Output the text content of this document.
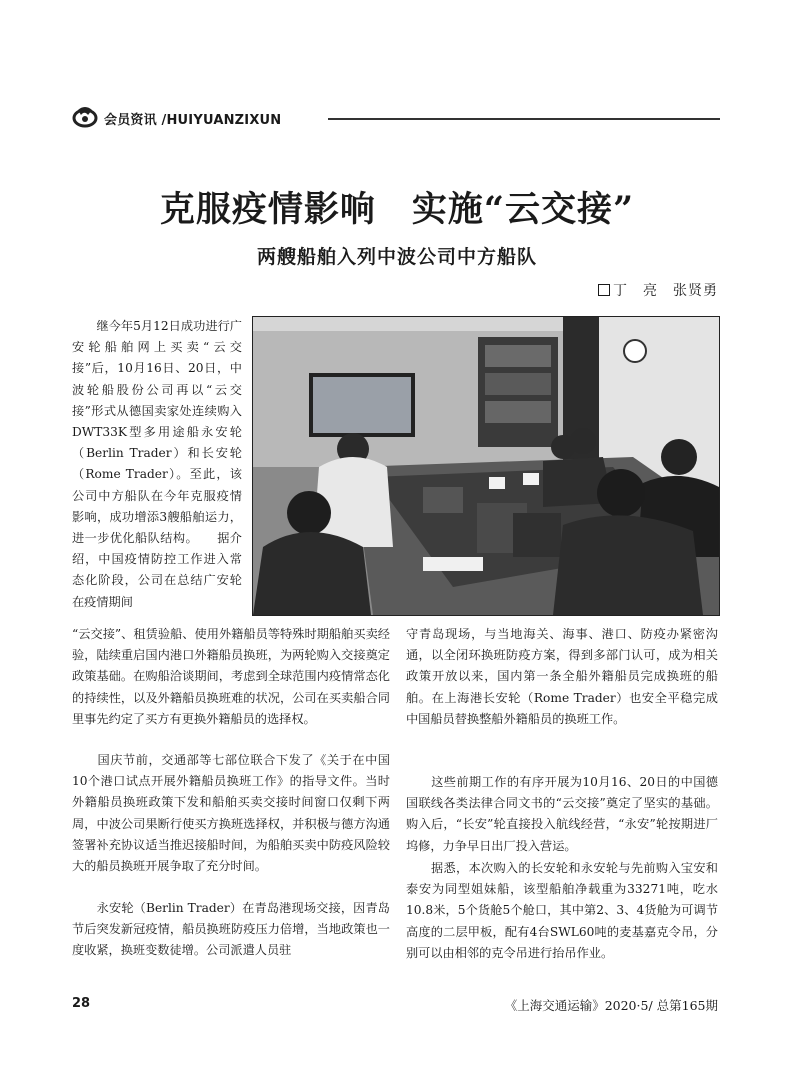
会员资讯 /HUIYUANZIXUN
克服疫情影响　实施“云交接”
两艘船舶入列中波公司中方船队
丁　亮　张贤勇

　　继今年5月12日成功进行广安轮船舶网上买卖“云交接”后，10月16日、20日，中波轮船股份公司再以“云交接”形式从德国卖家处连续购入DWT33K型多用途船永安轮（Berlin Trader）和长安轮（Rome Trader）。至此，该公司中方船队在今年克服疫情影响，成功增添3艘船舶运力，进一步优化船队结构。　　据介绍，中国疫情防控工作进入常态化阶段，公司在总结广安轮在疫情期间

“云交接”、租赁验船、使用外籍船员等特殊时期船舶买卖经验，陆续重启国内港口外籍船员换班，为两轮购入交接奠定政策基础。在购船洽谈期间，考虑到全球范围内疫情常态化的持续性，以及外籍船员换班难的状况，公司在买卖船合同里事先约定了买方有更换外籍船员的选择权。

　　国庆节前，交通部等七部位联合下发了《关于在中国10个港口试点开展外籍船员换班工作》的指导文件。当时外籍船员换班政策下发和船舶买卖交接时间窗口仅剩下两周，中波公司果断行使买方换班选择权，并积极与德方沟通签署补充协议适当推迟接船时间，为船舶买卖中防疫风险较大的船员换班开展争取了充分时间。

　　永安轮（Berlin Trader）在青岛港现场交接，因青岛节后突发新冠疫情，船员换班防疫压力倍增，当地政策也一度收紧，换班变数徒增。公司派遣人员驻

守青岛现场，与当地海关、海事、港口、防疫办紧密沟通，以全闭环换班防疫方案，得到多部门认可，成为相关政策开放以来，国内第一条全船外籍船员完成换班的船舶。在上海港长安轮（Rome Trader）也安全平稳完成中国船员替换整船外籍船员的换班工作。

　　这些前期工作的有序开展为10月16、20日的中国德国联线各类法律合同文书的“云交接”奠定了坚实的基础。购入后，“长安”轮直接投入航线经营，“永安”轮按期进厂坞修，力争早日出厂投入营运。

　　据悉，本次购入的长安轮和永安轮与先前购入宝安和泰安为同型姐妹船，该型船舶净载重为33271吨，吃水10.8米，5个货舱5个舱口，其中第2、3、4货舱为可调节高度的二层甲板，配有4台SWL60吨的麦基嘉克令吊，分别可以由相邻的克令吊进行抬吊作业。

28	《上海交通运输》2020·5/ 总第165期
